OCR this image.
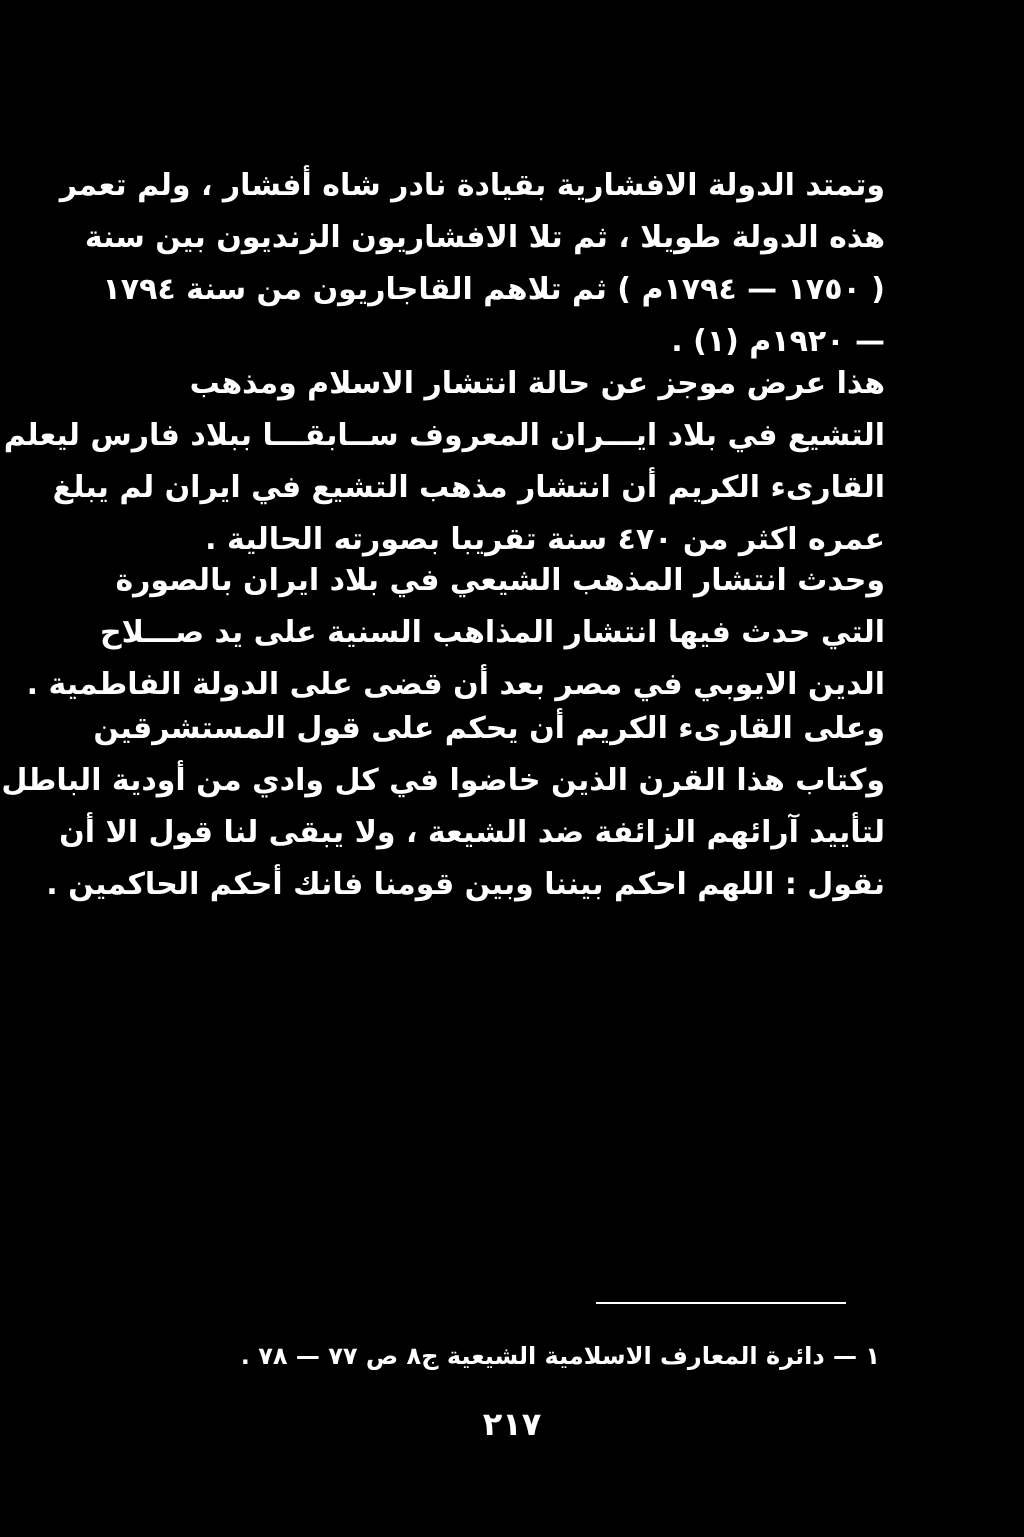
وتمتد الدولة الافشارية بقيادة نادر شاه أفشار ، ولم تعمر
هذه الدولة طويلا ، ثم تلا الافشاريون الزنديون بين سنة
( ١٧٥٠ — ١٧٩٤م ) ثم تلاهم القاجاريون من سنة ١٧٩٤
— ١٩٢٠م (١) .
هذا عرض موجز عن حالة انتشار الاسلام ومذهب
التشيع في بلاد ايـــران المعروف ســابقـــا ببلاد فارس ليعلم
القارىء الكريم أن انتشار مذهب التشيع في ايران لم يبلغ
عمره اكثر من ٤٧٠ سنة تقريبا بصورته الحالية .
وحدث انتشار المذهب الشيعي في بلاد ايران بالصورة
التي حدث فيها انتشار المذاهب السنية على يد صـــلاح
الدين الايوبي في مصر بعد أن قضى على الدولة الفاطمية .
وعلى القارىء الكريم أن يحكم على قول المستشرقين
وكتاب هذا القرن الذين خاضوا في كل وادي من أودية الباطل
لتأييد آرائهم الزائفة ضد الشيعة ، ولا يبقى لنا قول الا أن
نقول : اللهم احكم بيننا وبين قومنا فانك أحكم الحاكمين .
١ — دائرة المعارف الاسلامية الشيعية ج٨ ص ٧٧ — ٧٨ .
٢١٧
